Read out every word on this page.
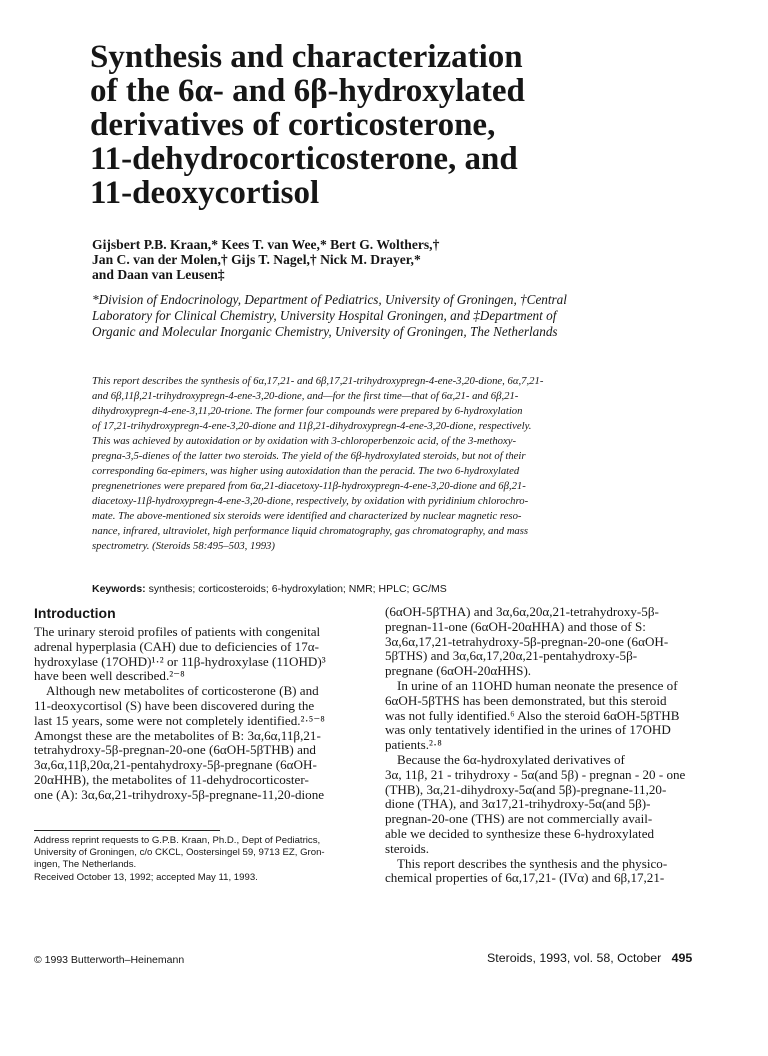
Synthesis and characterization
of the 6α- and 6β-hydroxylated
derivatives of corticosterone,
11-dehydrocorticosterone, and
11-deoxycortisol
Gijsbert P.B. Kraan,* Kees T. van Wee,* Bert G. Wolthers,†
Jan C. van der Molen,† Gijs T. Nagel,† Nick M. Drayer,*
and Daan van Leusen‡
*Division of Endocrinology, Department of Pediatrics, University of Groningen, †Central
Laboratory for Clinical Chemistry, University Hospital Groningen, and ‡Department of
Organic and Molecular Inorganic Chemistry, University of Groningen, The Netherlands
This report describes the synthesis of 6α,17,21- and 6β,17,21-trihydroxypregn-4-ene-3,20-dione, 6α,7,21-
and 6β,11β,21-trihydroxypregn-4-ene-3,20-dione, and—for the first time—that of 6α,21- and 6β,21-
dihydroxypregn-4-ene-3,11,20-trione. The former four compounds were prepared by 6-hydroxylation
of 17,21-trihydroxypregn-4-ene-3,20-dione and 11β,21-dihydroxypregn-4-ene-3,20-dione, respectively.
This was achieved by autoxidation or by oxidation with 3-chloroperbenzoic acid, of the 3-methoxy-
pregna-3,5-dienes of the latter two steroids. The yield of the 6β-hydroxylated steroids, but not of their
corresponding 6α-epimers, was higher using autoxidation than the peracid. The two 6-hydroxylated
pregnenetriones were prepared from 6α,21-diacetoxy-11β-hydroxypregn-4-ene-3,20-dione and 6β,21-
diacetoxy-11β-hydroxypregn-4-ene-3,20-dione, respectively, by oxidation with pyridinium chlorochro-
mate. The above-mentioned six steroids were identified and characterized by nuclear magnetic reso-
nance, infrared, ultraviolet, high performance liquid chromatography, gas chromatography, and mass
spectrometry. (Steroids 58:495–503, 1993)
Keywords: synthesis; corticosteroids; 6-hydroxylation; NMR; HPLC; GC/MS
Introduction
The urinary steroid profiles of patients with congenital
adrenal hyperplasia (CAH) due to deficiencies of 17α-
hydroxylase (17OHD)¹·² or 11β-hydroxylase (11OHD)³
have been well described.²⁻⁸
Although new metabolites of corticosterone (B) and
11-deoxycortisol (S) have been discovered during the
last 15 years, some were not completely identified.²·⁵⁻⁸
Amongst these are the metabolites of B: 3α,6α,11β,21-
tetrahydroxy-5β-pregnan-20-one (6αOH-5βTHB) and
3α,6α,11β,20α,21-pentahydroxy-5β-pregnane (6αOH-
20αHHB), the metabolites of 11-dehydrocorticoster-
one (A): 3α,6α,21-trihydroxy-5β-pregnane-11,20-dione
(6αOH-5βTHA) and 3α,6α,20α,21-tetrahydroxy-5β-
pregnan-11-one (6αOH-20αHHA) and those of S:
3α,6α,17,21-tetrahydroxy-5β-pregnan-20-one (6αOH-
5βTHS) and 3α,6α,17,20α,21-pentahydroxy-5β-
pregnane (6αOH-20αHHS).
In urine of an 11OHD human neonate the presence of
6αOH-5βTHS has been demonstrated, but this steroid
was not fully identified.⁶ Also the steroid 6αOH-5βTHB
was only tentatively identified in the urines of 17OHD
patients.²·⁸
Because the 6α-hydroxylated derivatives of
3α, 11β, 21 - trihydroxy - 5α(and 5β) - pregnan - 20 - one
(THB), 3α,21-dihydroxy-5α(and 5β)-pregnane-11,20-
dione (THA), and 3α17,21-trihydroxy-5α(and 5β)-
pregnan-20-one (THS) are not commercially avail-
able we decided to synthesize these 6-hydroxylated
steroids.
This report describes the synthesis and the physico-
chemical properties of 6α,17,21- (IVα) and 6β,17,21-
Address reprint requests to G.P.B. Kraan, Ph.D., Dept of Pediatrics,
University of Groningen, c/o CKCL, Oostersingel 59, 9713 EZ, Gron-
ingen, The Netherlands.
Received October 13, 1992; accepted May 11, 1993.
© 1993 Butterworth–Heinemann	Steroids, 1993, vol. 58, October 495
